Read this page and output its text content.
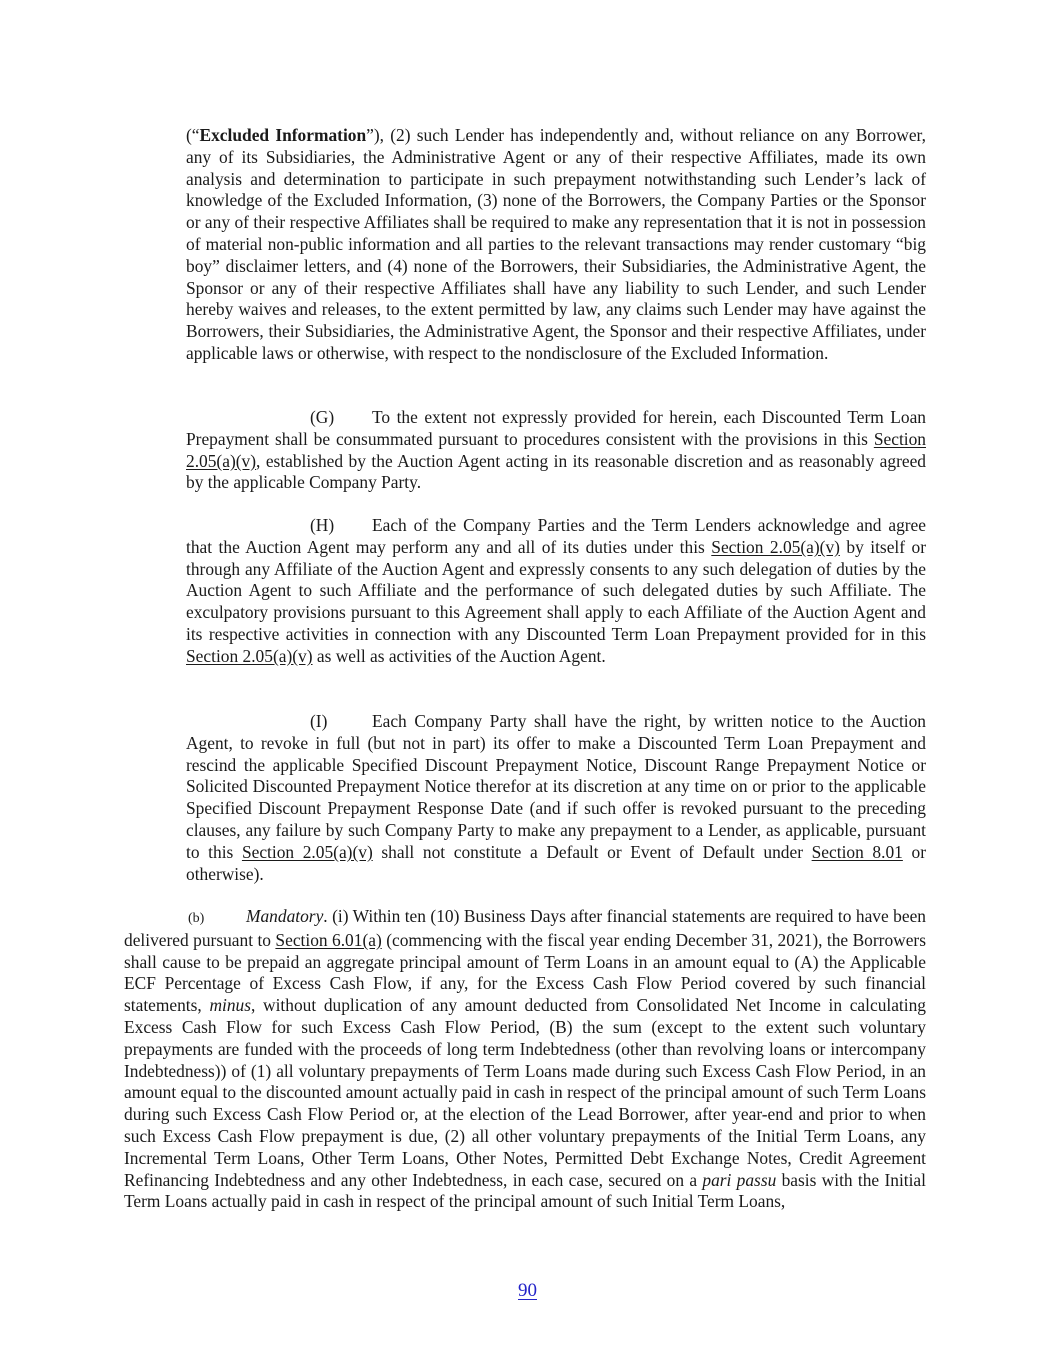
(“Excluded Information”), (2) such Lender has independently and, without reliance on any Borrower, any of its Subsidiaries, the Administrative Agent or any of their respective Affiliates, made its own analysis and determination to participate in such prepayment notwithstanding such Lender’s lack of knowledge of the Excluded Information, (3) none of the Borrowers, the Company Parties or the Sponsor or any of their respective Affiliates shall be required to make any representation that it is not in possession of material non-public information and all parties to the relevant transactions may render customary “big boy” disclaimer letters, and (4) none of the Borrowers, their Subsidiaries, the Administrative Agent, the Sponsor or any of their respective Affiliates shall have any liability to such Lender, and such Lender hereby waives and releases, to the extent permitted by law, any claims such Lender may have against the Borrowers, their Subsidiaries, the Administrative Agent, the Sponsor and their respective Affiliates, under applicable laws or otherwise, with respect to the nondisclosure of the Excluded Information.

(G) To the extent not expressly provided for herein, each Discounted Term Loan Prepayment shall be consummated pursuant to procedures consistent with the provisions in this Section 2.05(a)(v), established by the Auction Agent acting in its reasonable discretion and as reasonably agreed by the applicable Company Party.

(H) Each of the Company Parties and the Term Lenders acknowledge and agree that the Auction Agent may perform any and all of its duties under this Section 2.05(a)(v) by itself or through any Affiliate of the Auction Agent and expressly consents to any such delegation of duties by the Auction Agent to such Affiliate and the performance of such delegated duties by such Affiliate. The exculpatory provisions pursuant to this Agreement shall apply to each Affiliate of the Auction Agent and its respective activities in connection with any Discounted Term Loan Prepayment provided for in this Section 2.05(a)(v) as well as activities of the Auction Agent.

(I)	Each Company Party shall have the right, by written notice to the Auction Agent, to revoke in full (but not in part) its offer to make a Discounted Term Loan Prepayment and rescind the applicable Specified Discount Prepayment Notice, Discount Range Prepayment Notice or Solicited Discounted Prepayment Notice therefor at its discretion at any time on or prior to the applicable Specified Discount Prepayment Response Date (and if such offer is revoked pursuant to the preceding clauses, any failure by such Company Party to make any prepayment to a Lender, as applicable, pursuant to this Section 2.05(a)(v) shall not constitute a Default or Event of Default under Section 8.01 or otherwise).

(b) Mandatory. (i) Within ten (10) Business Days after financial statements are required to have been delivered pursuant to Section 6.01(a) (commencing with the fiscal year ending December 31, 2021), the Borrowers shall cause to be prepaid an aggregate principal amount of Term Loans in an amount equal to (A) the Applicable ECF Percentage of Excess Cash Flow, if any, for the Excess Cash Flow Period covered by such financial statements, minus, without duplication of any amount deducted from Consolidated Net Income in calculating Excess Cash Flow for such Excess Cash Flow Period, (B) the sum (except to the extent such voluntary prepayments are funded with the proceeds of long term Indebtedness (other than revolving loans or intercompany Indebtedness)) of (1) all voluntary prepayments of Term Loans made during such Excess Cash Flow Period, in an amount equal to the discounted amount actually paid in cash in respect of the principal amount of such Term Loans during such Excess Cash Flow Period or, at the election of the Lead Borrower, after year-end and prior to when such Excess Cash Flow prepayment is due, (2) all other voluntary prepayments of the Initial Term Loans, any Incremental Term Loans, Other Term Loans, Other Notes, Permitted Debt Exchange Notes, Credit Agreement Refinancing Indebtedness and any other Indebtedness, in each case, secured on a pari passu basis with the Initial Term Loans actually paid in cash in respect of the principal amount of such Initial Term Loans,

90
